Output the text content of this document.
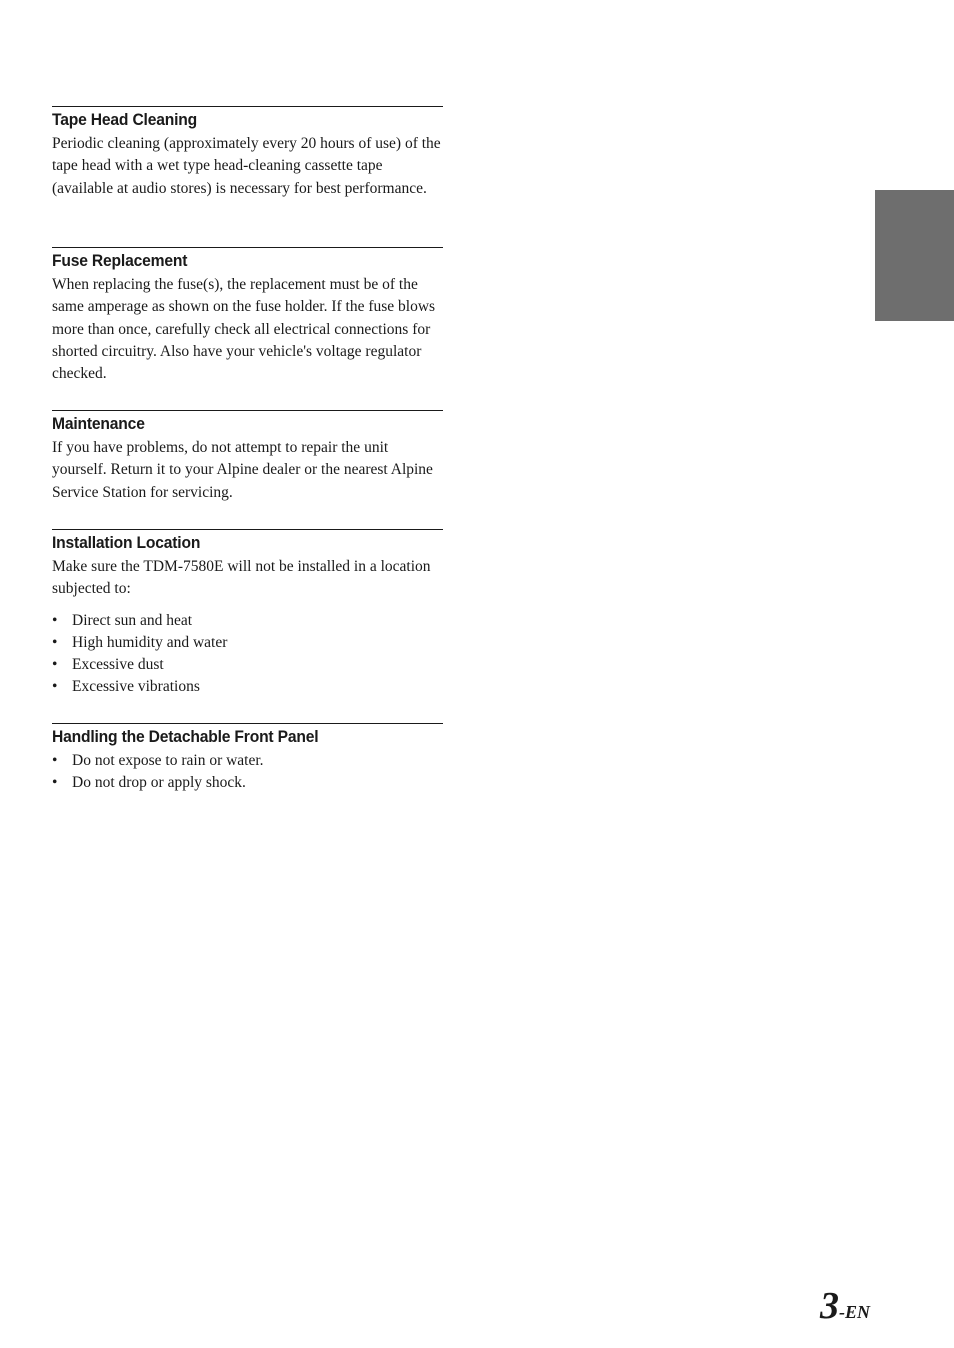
Tape Head Cleaning

Periodic cleaning (approximately every 20 hours of use) of the tape head with a wet type head-cleaning cassette tape (available at audio stores) is necessary for best performance.

Fuse Replacement

When replacing the fuse(s), the replacement must be of the same amperage as shown on the fuse holder. If the fuse blows more than once, carefully check all electrical connections for shorted circuitry. Also have your vehicle's voltage regulator checked.

Maintenance

If you have problems, do not attempt to repair the unit yourself. Return it to your Alpine dealer or the nearest Alpine Service Station for servicing.

Installation Location

Make sure the TDM-7580E will not be installed in a location subjected to:

• Direct sun and heat
• High humidity and water
• Excessive dust
• Excessive vibrations
Handling the Detachable Front Panel
• Do not expose to rain or water.
• Do not drop or apply shock.
3-EN
